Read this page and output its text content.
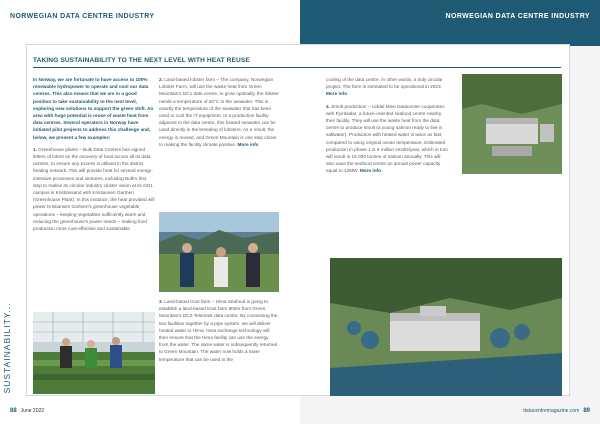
NORWEGIAN DATA CENTRE INDUSTRY	NORWEGIAN DATA CENTRE INDUSTRY
TAKING SUSTAINABILITY TO THE NEXT LEVEL WITH HEAT REUSE

In Norway, we are fortunate to have access to 100% renewable hydropower to operate and cool our data centres. This also means that we are in a good position to take sustainability to the next level, exploring new solutions to support the green shift. An area with huge potential is reuse of waste heat from data centres. Several operators in Norway have initiated pilot projects to address this challenge and, below, we present a few examples:

1. Greenhouse plants – Bulk Data Centers has signed letters of intent on the recovery of heat across all its data centres, to ensure any excess is utilised in the district heating network. This will provide heat for several energy-intensive processes and ventures, including Bulk's first step to realise its circular industry cluster vision at its NO1 campus in Kristiansand with Kristiansen Gartneri (Greenhouse Plant). In this instance, the heat provided will power Kristiansen Gartneri's greenhouse vegetable operations – keeping vegetables sufficiently warm and reducing the greenhouse's power needs – making food production more cost-effective and sustainable.

2. Land-based lobster farm – The company, Norwegian Lobster Farm, will use the waste heat from Green Mountain's DC1 data centre, to grow optimally, the lobster needs a temperature of 20°C in the seawater. This is exactly the temperature of the seawater that has been used to cool the IT equipment. In a production facility adjacent to the data centre, this heated seawater can be used directly in the breeding of lobsters. As a result, the energy is reused, and Green Mountain is one step closer to making the facility climate positive. More info

3. Land-based trout farm – Hima Seafood is going to establish a land-based trout farm 800m from Green Mountain's DC2-Telemark data centre. By connecting the two facilities together by a pipe system, we will deliver heated water to Hima. Heat exchange technology will then ensure that the Hima facility can use the energy from the water. The same water is subsequently returned to Green Mountain. The water now holds a lower temperature that can be used in the

cooling of the data centre. In other words, a truly circular project. The farm is estimated to be operational in 2023. More info

4. Smolt production – Lefdal Mine Datacenter cooperates with Fjordsalat, a future-oriented seafood centre nearby their facility. They will use the waste heat from the data centre to produce smolt (a young salmon ready to live in saltwater). Production with heated water is twice as fast compared to using original ocean temperature. Estimated production in phase 1 is 6 million smolts/year, which in turn will result in 15 000 tonnes of salmon annually. This will also save the seafood centre an annual power capacity equal to 12MW. More info

SUSTAINABILITY...
88 June 2022	datacentremagazine.com 89
